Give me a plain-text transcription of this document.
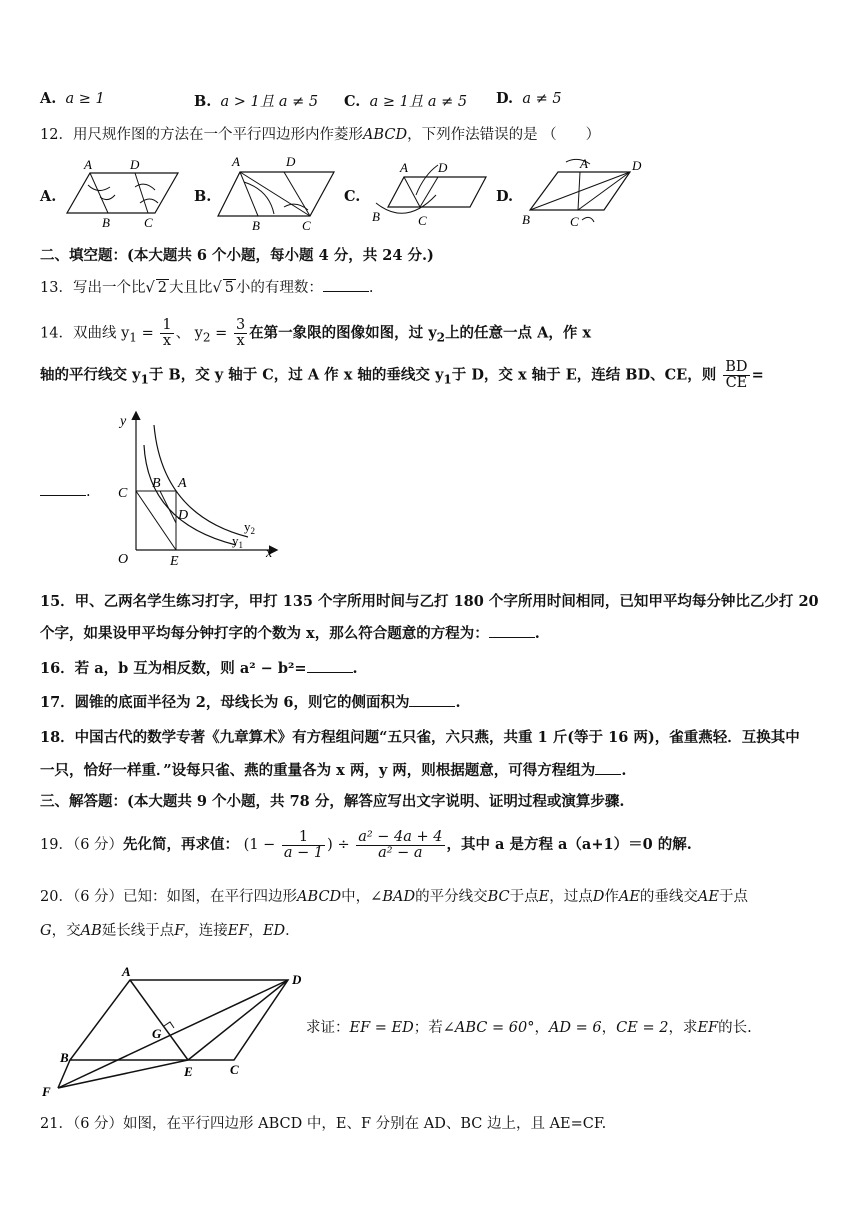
A. a ≥ 1	B. a > 1且 a ≠ 5 C. a ≥ 1且 a ≠ 5 D. a ≠ 5
12．用尺规作图的方法在一个平行四边形内作菱形ABCD，下列作法错误的是 （　　）
A.	B.	C.	D.
A	D
B	C
A	D
B	C
A D
B	C
A	D
B	C
二、填空题：(本大题共 6 个小题，每小题 4 分，共 24 分.)
13．写出一个比√ 2 大且比√ 5 小的有理数：	.
14．双曲线 $y_1 = \frac{1}{x}$ 、 $y_2 = \frac{3}{x}$ 在第一象限的图像如图，过 $y_2$上的任意一点 A，作 x
轴的平行线交 $y_1$于 B，交 y 轴于 C，过 A 作 x 轴的垂线交 $y_1$于 D，交 x 轴于 E，连结 BD、CE，则 $\frac{BD}{CE}$ =
.
y
x
O
C
B A
D
E
$y_2$
$y_1$
15．甲、乙两名学生练习打字，甲打 135 个字所用时间与乙打 180 个字所用时间相同，已知甲平均每分钟比乙少打 20
个字，如果设甲平均每分钟打字的个数为 x，那么符合题意的方程为：	.
16．若 a，b 互为相反数，则 a² − b²=	.
17．圆锥的底面半径为 2，母线长为 6，则它的侧面积为	.
18．中国古代的数学专著《九章算术》有方程组问题“五只雀，六只燕，共重 1 斤(等于 16 两)，雀重燕轻．互换其中
一只，恰好一样重．”设每只雀、燕的重量各为 x 两，y 两，则根据题意，可得方程组为 .
三、解答题：(本大题共 9 个小题，共 78 分，解答应写出文字说明、证明过程或演算步骤.
19．（6 分）先化简，再求值： ($1 - \frac{1}{a - 1}$ ) ÷ $\frac{\text{a² − 4a + 4}}{\text{a² − a}}$ ，其中 a 是方程 a（a+1）＝0 的解.
20．（6 分）已知：如图，在平行四边形ABCD中，∠BAD的平分线交BC于点E，过点D作AE的垂线交AE于点
G，交AB延长线于点F，连接EF，ED．
A
D
B
C
E
F
G	求证：EF = ED；若∠ABC = 60°，AD = 6，CE = 2，求EF的长.
21．（6 分）如图，在平行四边形 ABCD 中，E、F 分别在 AD、BC 边上，且 AE=CF.
